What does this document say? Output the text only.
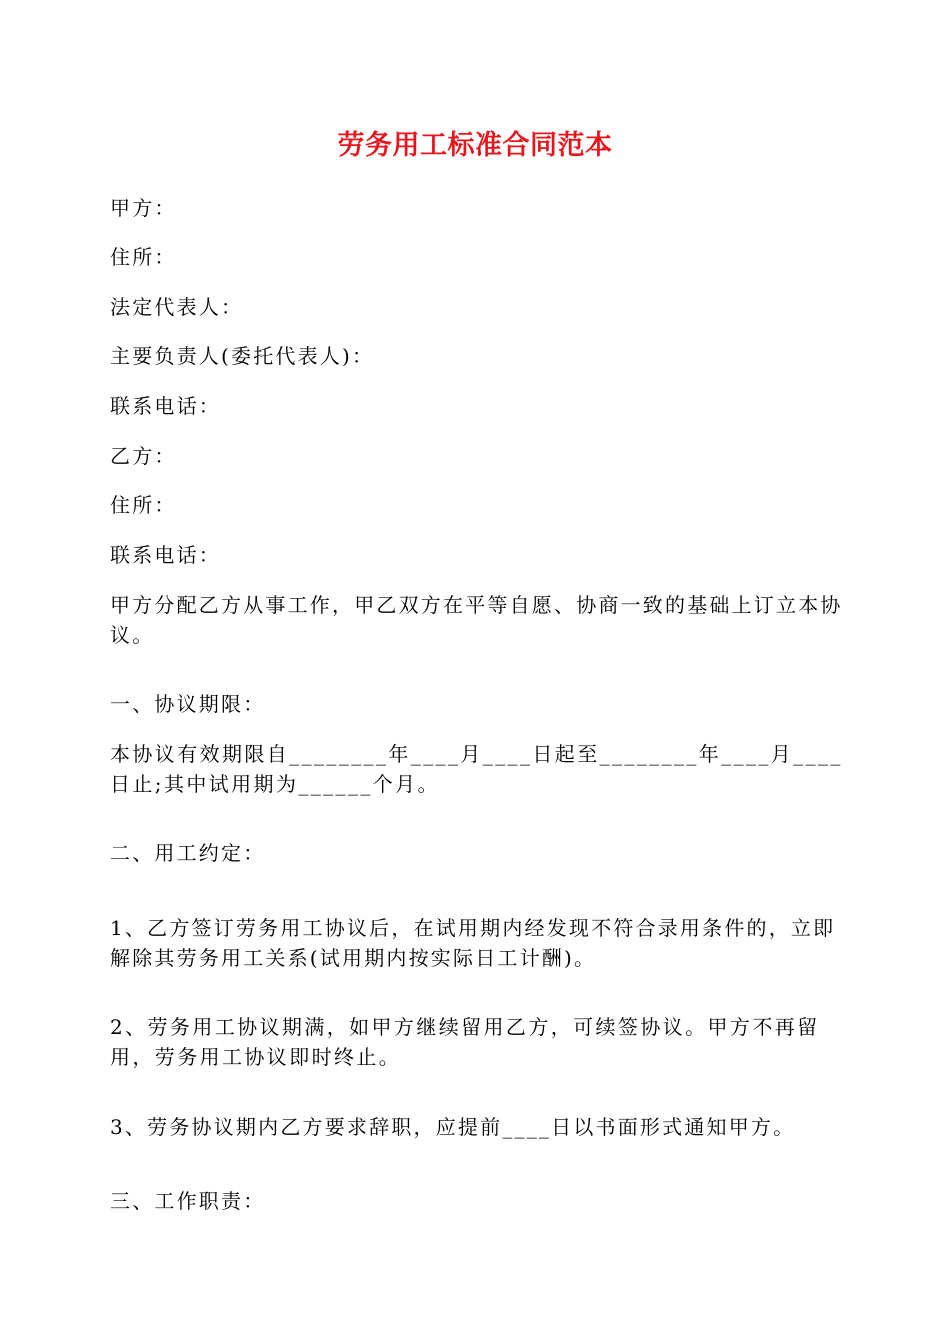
劳务用工标准合同范本

甲方：

住所：

法定代表人：

主要负责人(委托代表人)：

联系电话：

乙方：

住所：

联系电话：

甲方分配乙方从事工作，甲乙双方在平等自愿、协商一致的基础上订立本协议。

一、协议期限：

本协议有效期限自________年____月____日起至________年____月____日止;其中试用期为______个月。

二、用工约定：

1、乙方签订劳务用工协议后，在试用期内经发现不符合录用条件的，立即解除其劳务用工关系(试用期内按实际日工计酬)。

2、劳务用工协议期满，如甲方继续留用乙方，可续签协议。甲方不再留用，劳务用工协议即时终止。

3、劳务协议期内乙方要求辞职，应提前____日以书面形式通知甲方。

三、工作职责：
